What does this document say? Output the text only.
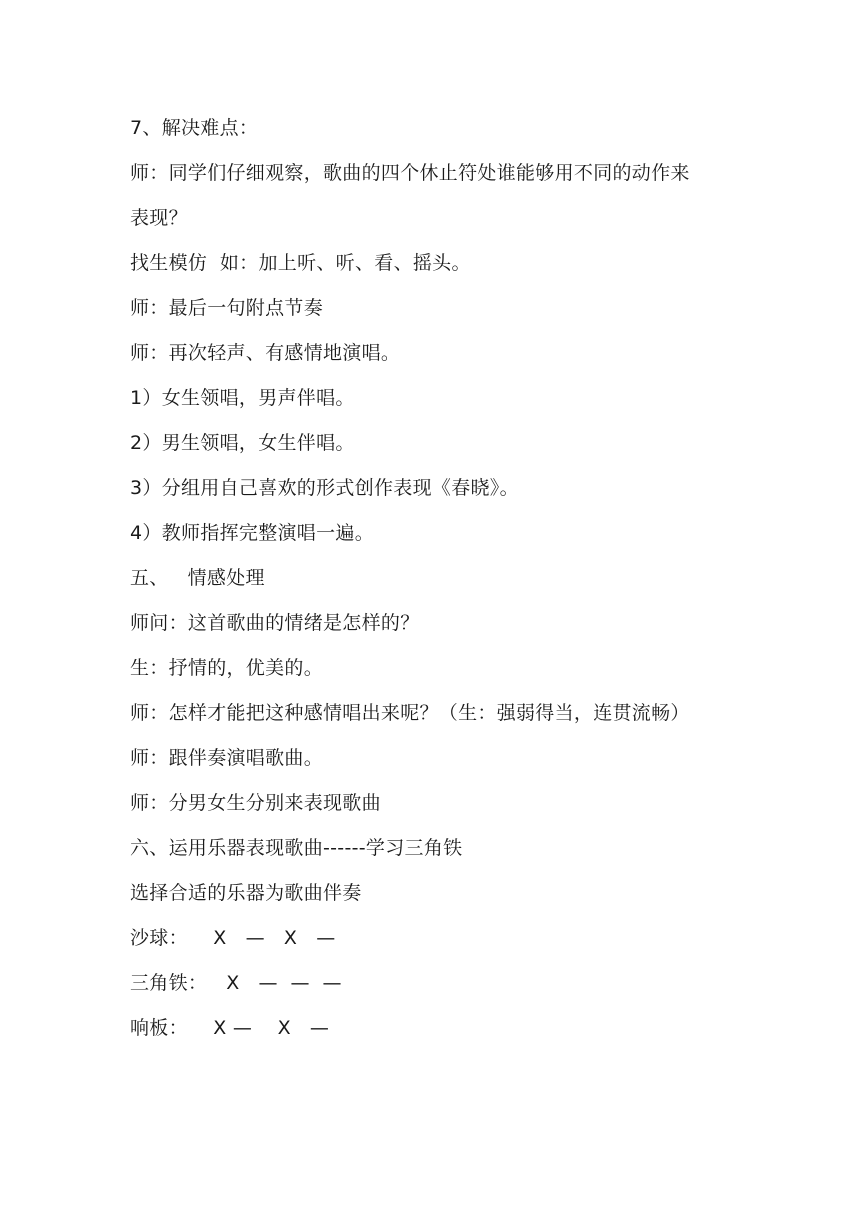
7、解决难点：
师：同学们仔细观察，歌曲的四个休止符处谁能够用不同的动作来
表现？
找生模仿  如：加上听、听、看、摇头。
师：最后一句附点节奏
师：再次轻声、有感情地演唱。
1）女生领唱，男声伴唱。
2）男生领唱，女生伴唱。
3）分组用自己喜欢的形式创作表现《春晓》。
4）教师指挥完整演唱一遍。
五、   情感处理
师问：这首歌曲的情绪是怎样的？
生：抒情的，优美的。
师：怎样才能把这种感情唱出来呢？（生：强弱得当，连贯流畅）
师：跟伴奏演唱歌曲。
师：分男女生分别来表现歌曲
六、运用乐器表现歌曲------学习三角铁
选择合适的乐器为歌曲伴奏
沙球：    X   —   X   —
三角铁：   X   —  —  —
响板：    X —    X   —
